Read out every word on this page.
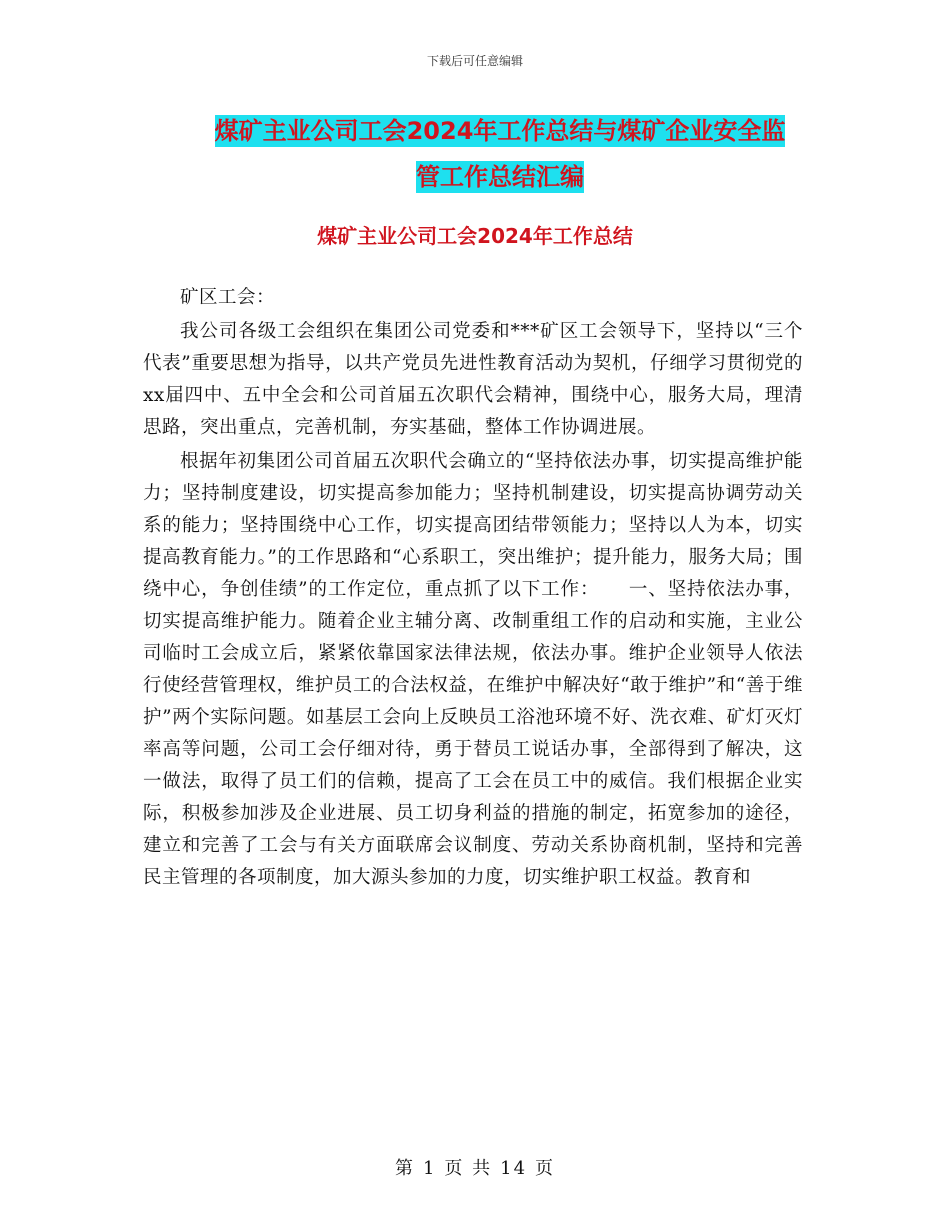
下载后可任意编辑
煤矿主业公司工会2024年工作总结与煤矿企业安全监
管工作总结汇编
煤矿主业公司工会2024年工作总结
矿区工会：

我公司各级工会组织在集团公司党委和***矿区工会领导下，坚持以“三个代表”重要思想为指导，以共产党员先进性教育活动为契机，仔细学习贯彻党的xx届四中、五中全会和公司首届五次职代会精神，围绕中心，服务大局，理清思路，突出重点，完善机制，夯实基础，整体工作协调进展。

根据年初集团公司首届五次职代会确立的“坚持依法办事，切实提高维护能力；坚持制度建设，切实提高参加能力；坚持机制建设，切实提高协调劳动关系的能力；坚持围绕中心工作，切实提高团结带领能力；坚持以人为本，切实提高教育能力。”的工作思路和“心系职工，突出维护；提升能力，服务大局；围绕中心，争创佳绩”的工作定位，重点抓了以下工作：　　一、坚持依法办事，切实提高维护能力。随着企业主辅分离、改制重组工作的启动和实施，主业公司临时工会成立后，紧紧依靠国家法律法规，依法办事。维护企业领导人依法行使经营管理权，维护员工的合法权益，在维护中解决好“敢于维护”和“善于维护”两个实际问题。如基层工会向上反映员工浴池环境不好、洗衣难、矿灯灭灯率高等问题，公司工会仔细对待，勇于替员工说话办事，全部得到了解决，这一做法，取得了员工们的信赖，提高了工会在员工中的威信。我们根据企业实际，积极参加涉及企业进展、员工切身利益的措施的制定，拓宽参加的途径，建立和完善了工会与有关方面联席会议制度、劳动关系协商机制，坚持和完善民主管理的各项制度，加大源头参加的力度，切实维护职工权益。教育和

第 1 页 共 14 页
